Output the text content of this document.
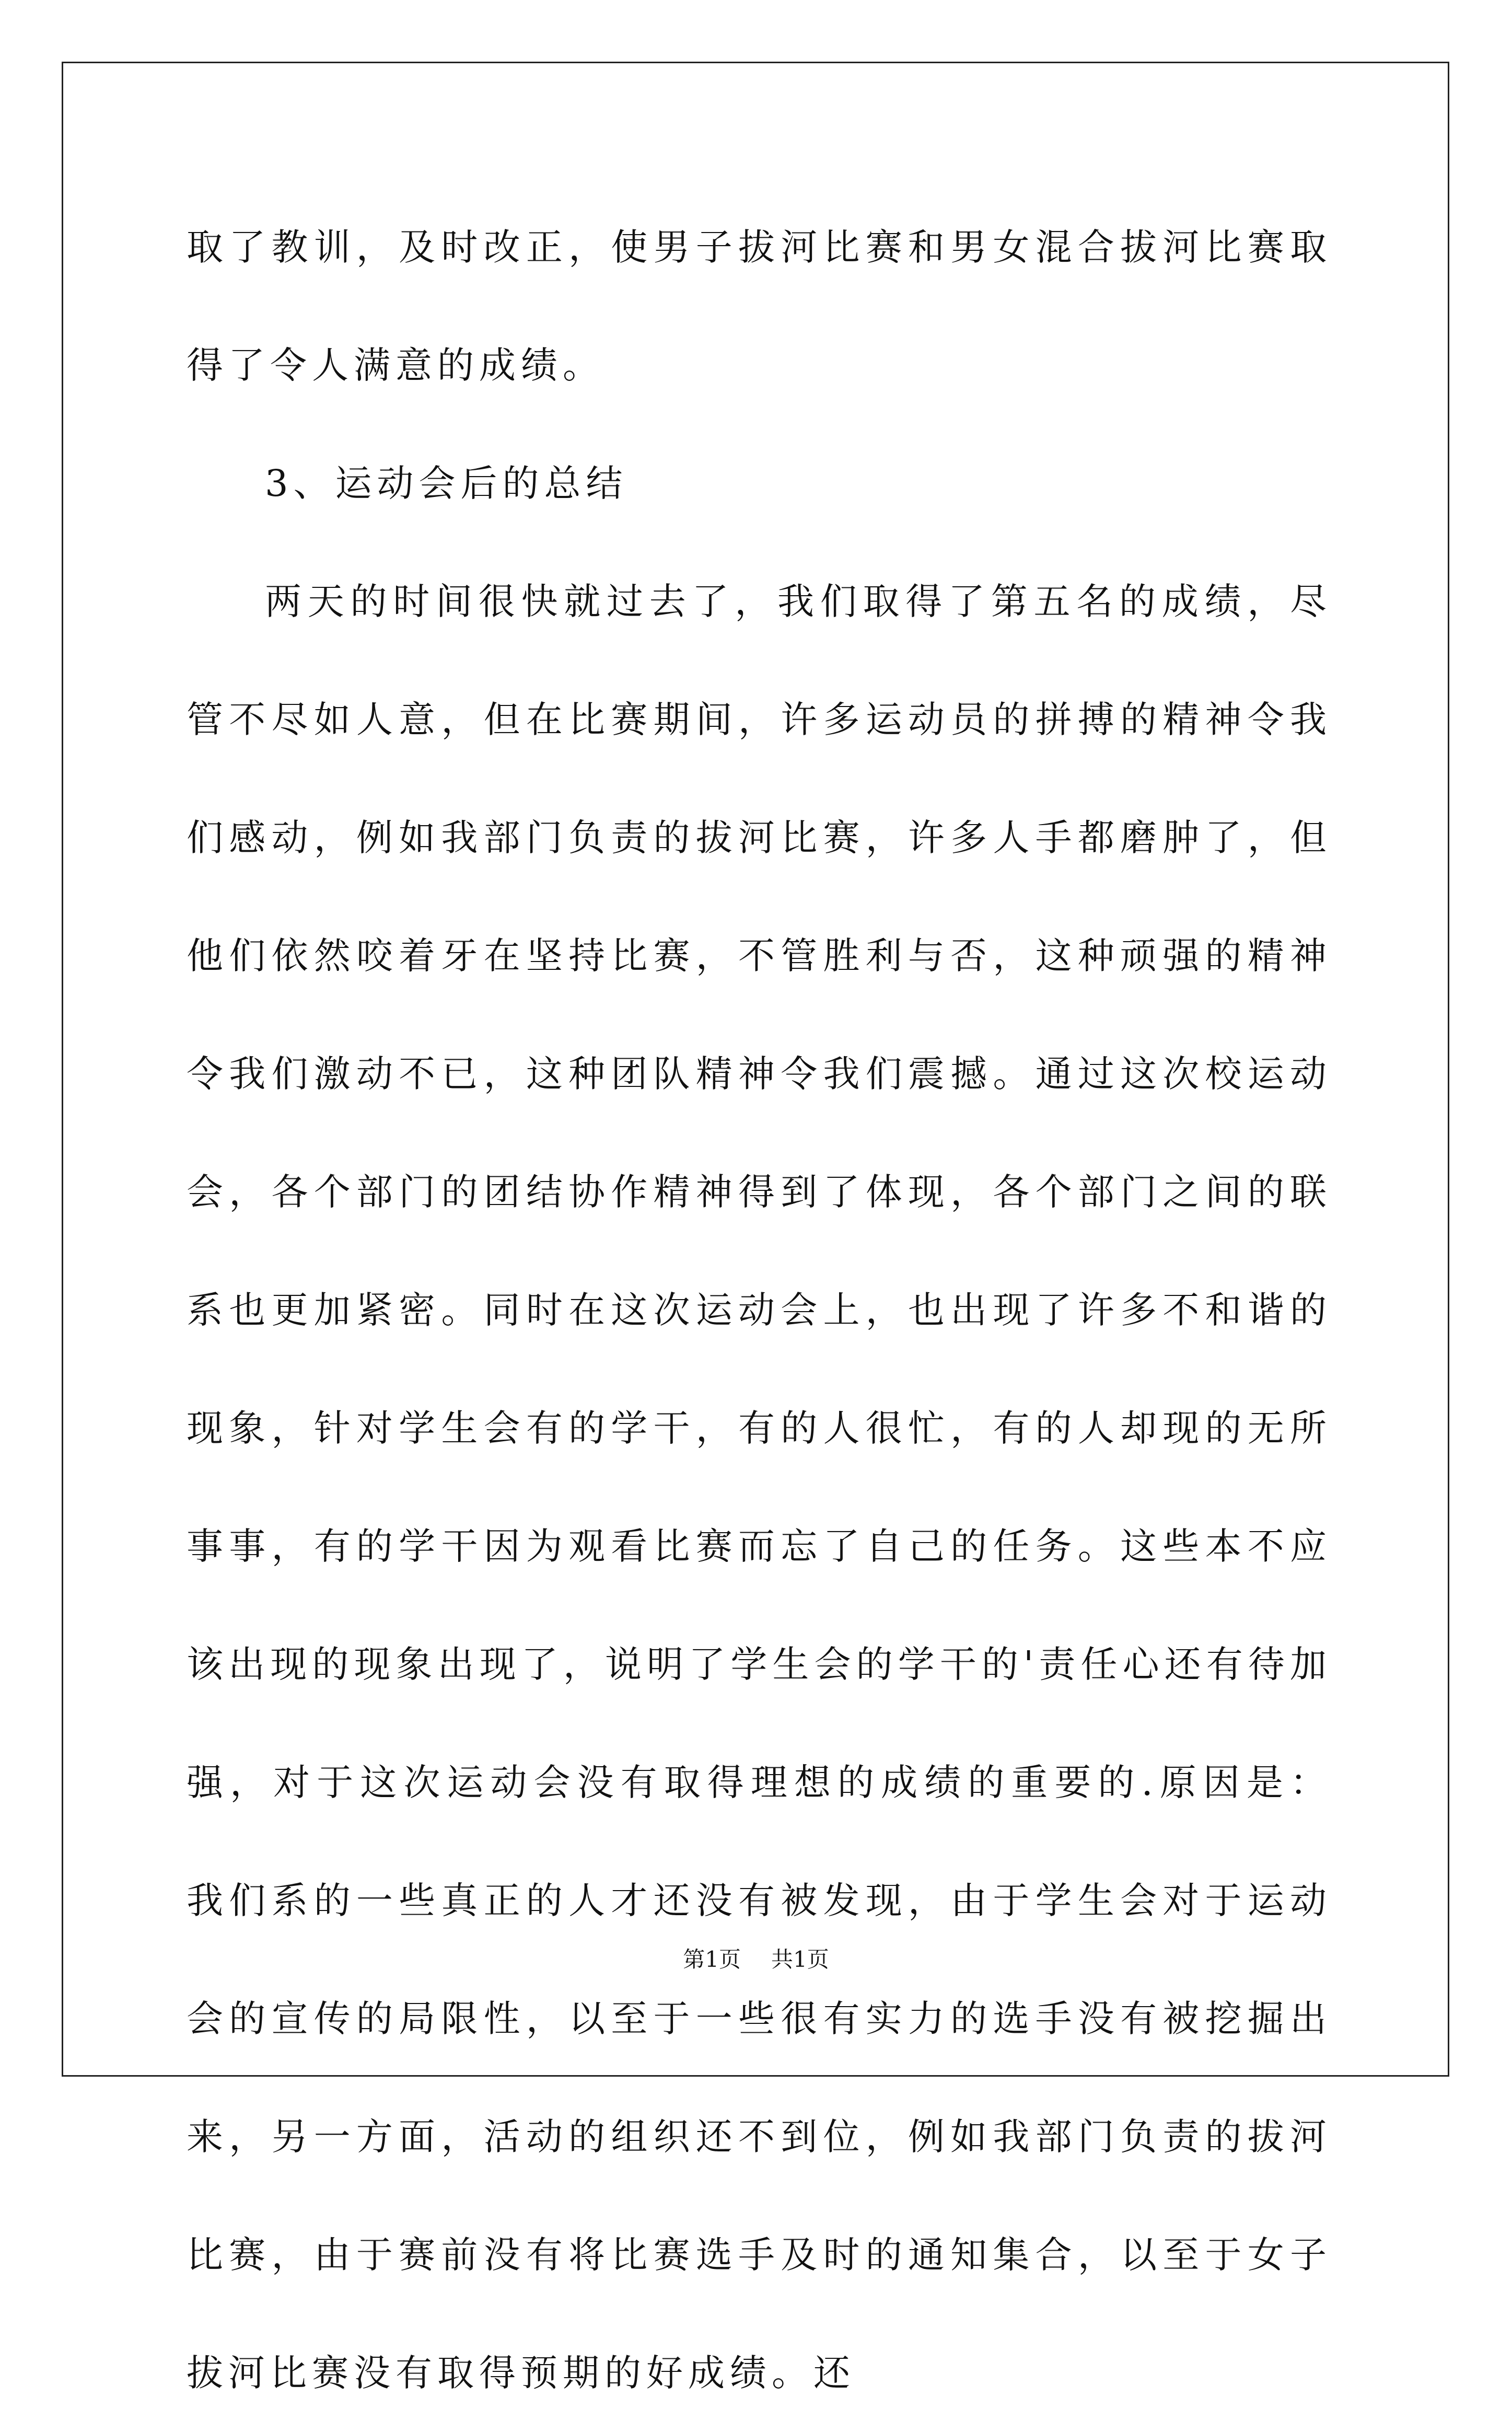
取了教训，及时改正，使男子拔河比赛和男女混合拔河比赛取得了令人满意的成绩。

3、运动会后的总结

两天的时间很快就过去了，我们取得了第五名的成绩，尽管不尽如人意，但在比赛期间，许多运动员的拼搏的精神令我们感动，例如我部门负责的拔河比赛，许多人手都磨肿了，但他们依然咬着牙在坚持比赛，不管胜利与否，这种顽强的精神令我们激动不已，这种团队精神令我们震撼。通过这次校运动会，各个部门的团结协作精神得到了体现，各个部门之间的联系也更加紧密。同时在这次运动会上，也出现了许多不和谐的现象，针对学生会有的学干，有的人很忙，有的人却现的无所事事，有的学干因为观看比赛而忘了自己的任务。这些本不应该出现的现象出现了，说明了学生会的学干的'责任心还有待加强，对于这次运动会没有取得理想的成绩的重要的.原因是：我们系的一些真正的人才还没有被发现，由于学生会对于运动会的宣传的局限性，以至于一些很有实力的选手没有被挖掘出来，另一方面，活动的组织还不到位，例如我部门负责的拔河比赛，由于赛前没有将比赛选手及时的通知集合，以至于女子拔河比赛没有取得预期的好成绩。还

第1页 共1页
